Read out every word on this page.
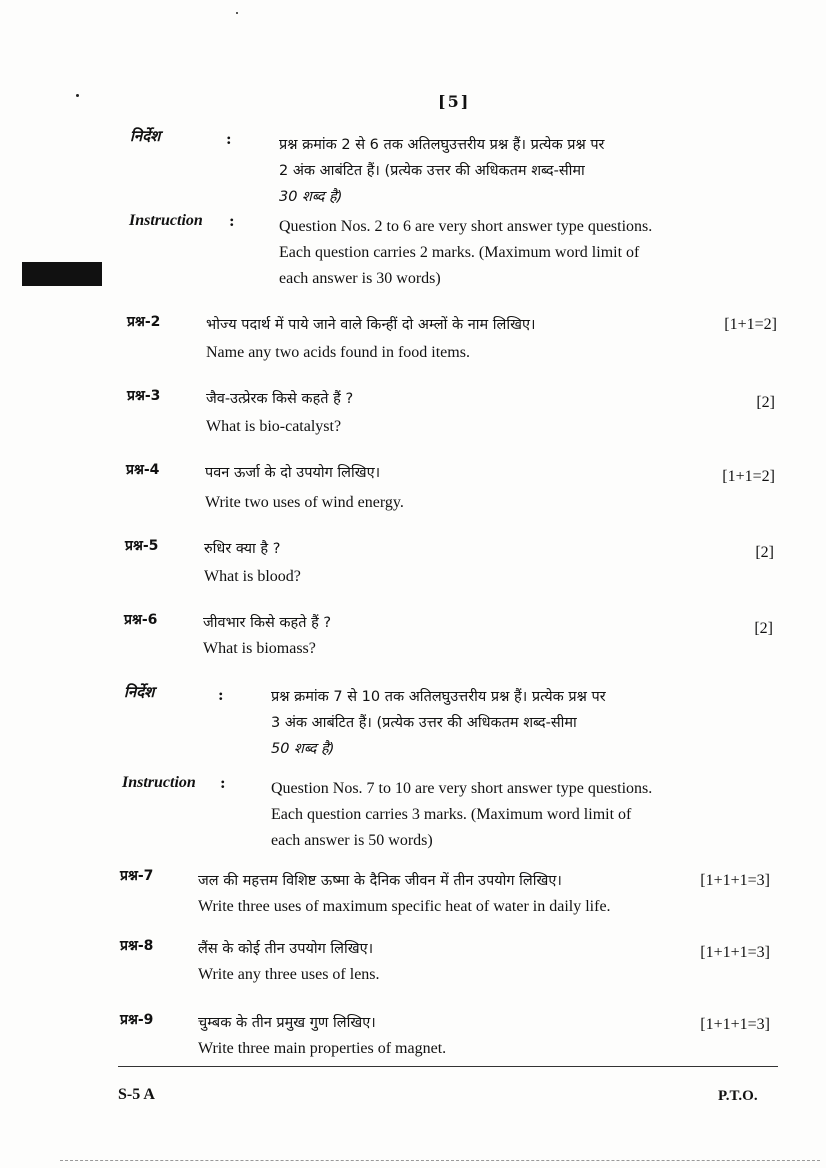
[5]
निर्देश	:	प्रश्न क्रमांक 2 से 6 तक अतिलघुउत्तरीय प्रश्न हैं। प्रत्येक प्रश्न पर
2 अंक आबंटित हैं। (प्रत्येक उत्तर की अधिकतम शब्द-सीमा
30 शब्द है)
Instruction :	Question Nos. 2 to 6 are very short answer type questions.
Each question carries 2 marks. (Maximum word limit of
each answer is 30 words)
प्रश्न-2	भोज्य पदार्थ में पाये जाने वाले किन्हीं दो अम्लों के नाम लिखिए।	[1+1=2]
Name any two acids found in food items.
प्रश्न-3	जैव-उत्प्रेरक किसे कहते हैं ?	[2]
What is bio-catalyst?
प्रश्न-4	पवन ऊर्जा के दो उपयोग लिखिए।	[1+1=2]
Write two uses of wind energy.
प्रश्न-5	रुधिर क्या है ?	[2]
What is blood?
प्रश्न-6	जीवभार किसे कहते हैं ?	[2]
What is biomass?
निर्देश	:	प्रश्न क्रमांक 7 से 10 तक अतिलघुउत्तरीय प्रश्न हैं। प्रत्येक प्रश्न पर
3 अंक आबंटित हैं। (प्रत्येक उत्तर की अधिकतम शब्द-सीमा
50 शब्द है)
Instruction :	Question Nos. 7 to 10 are very short answer type questions.
Each question carries 3 marks. (Maximum word limit of
each answer is 50 words)
प्रश्न-7	जल की महत्तम विशिष्ट ऊष्मा के दैनिक जीवन में तीन उपयोग लिखिए।	[1+1+1=3]
Write three uses of maximum specific heat of water in daily life.
प्रश्न-8	लैंस के कोई तीन उपयोग लिखिए।	[1+1+1=3]
Write any three uses of lens.
प्रश्न-9	चुम्बक के तीन प्रमुख गुण लिखिए।	[1+1+1=3]
Write three main properties of magnet.
S-5 A	P.T.O.
